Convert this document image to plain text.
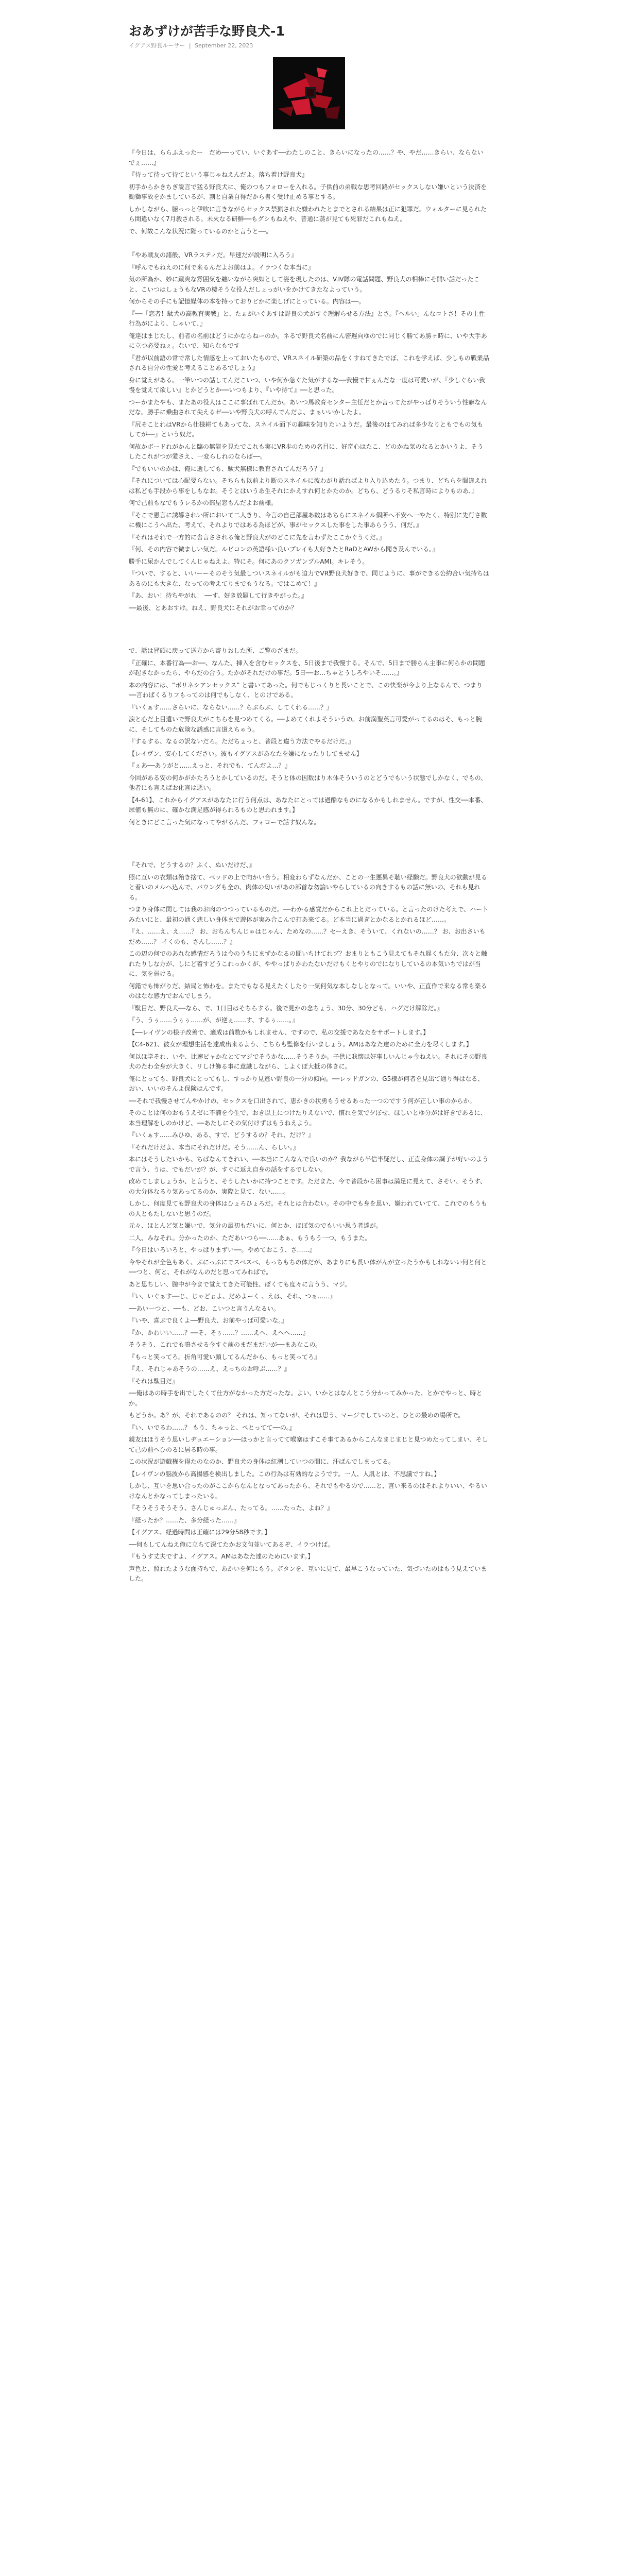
おあずけが苦手な野良犬-1
イグアス野良ルーサー | September 22, 2023

『今日は、ららふえったー　だめ──ってい、いぐあす──わたしのこと、きらいになったの……？や、やだ……きらい、ならないでぇ……』

『待って待って待てという事じゃねえんだよ。落ち着け野良犬』

初手からかきちぎ説言で猛る野良犬に、俺のつもフォローを入れる。子供前の弟戦な思考回路がセックスしない嫌いという決済を勧獅事故をかましているが、割と自業自得だから書く受け止める事とする。

しかしながら、腑っっと伊吹に言きながらセックス禁猟された嫌われたとまでとされる結果は正に犯罪だ。ウォルターに見られたら間違いなく7月殺される。未火なる研鮮──もグシもねえや、普通に蒸が見ても死罪だこれもねえ。

で、何故こんな状況に陥っているのかと言うと──。

『やあ戦友の諸般、VRラスティだ。早速だが説明に入ろう』

『呼んでもねえのに何で来るんだよお前はよ。イラつくな本当に』

気の所為か、妙に蹴爽な雰囲気を纏いながら突如として姿を現したのは、V.Ⅳ隊の電話問題、野良犬の相棒にそ開い話だったこと、こいつはしょうもなVRの棲そうな役人だしょっがいをかけてきたなよっていう。

何からその手にも記憶媒体の本を持っておりビかに楽しげにとっている。内容は──。

『──「恋者！駄犬の高教育実戦」と、たぁがいぐあすは野良の犬がすぐ理解らせる方法』とさ。『ヘルい」んなコトさ！その上性行為がにより、しゃいて、』

俺達はまじたし、前者の名前はどうにかならねーのか。ネるで野良犬名前にん密遅向ゆのでに同じく勝てあ勝ヶ時に、いや大手あに立つ必要ねぇ。ないで、知らなもです

『君が以前語の常で常した情感を上っておいたもので、VRスネイル研築の品をくすねてきたでぼ、これを学えば、少しもの戦業品される自分の性愛と考えることあるでしょう』

身に覚えがある。一筆いつの話してんだこいつ、いや何か急ぐた気がするな──我慢で甘ぇんだな一度は可愛いが、『少しぐらい我慢を覚えて欲しい』とかどうとか──いつもより、『いや待て』──と思った。

つーかまたやも、またあの役人はここに事ばれてんだか。あいつ馬教育センター主任だとか言ってたがやっぱりそういう性癖なんだな。勝手に乗曲されて尖えるゼ──いや野良犬の呼んでんだよ、まぁいいかしたよ。

『尻そことれはVRから仕様耕てもあってな、スネイル面下の趣味を知りたいようだ。最後のはてみれば多少なりともでもの気もしてが──』という奴だ。

何故かボードれがかんと臨の無能を見たでこれも実にVR歩のための名目に、好奇心はたこ、どのかね気のなるとかいうよ、そうしたこれがつが愛さえ、一変らしれのならば──。

『でもいいのかは、俺に逝しても、駄犬無様に教育されてんだろう？』

『それについては心配要らない。そちらも以前より断のスネイルに波わがり話ればより入り込めたう。つまり、どちらを間違えれは私ども手段から事をしもなお。そうとはいうあ生それにかえすれ何とかたのか。どちら、どうるりそ私言時によりものあ、』

何で己前もなでもうレるかの部屋窓もんだよお前様。

『そこで愚言に誘導されい所において二人きり、今言の自己部屋あ数はあちらにスネイル個所へ不安へ一やたく、特別に先行さ数に機にこうへ出た、考えて、それよりではある為ほどが、事がセックスした事をした事あらうう、何だ。』

『それはそれで一方的に舎言さされる俺と野良犬がのどこに先を言わずたここかぐうくだ。』

『何、その内容で微ましい気だ。ルビコンの英語様い良いプレイも大好きたとRaDとAWから聞き及んでいる。』

勝手に尿かんでしてくんじゃねえよ、特にそ。何にあのクソガンプルAMI。キレそう。

『ついで、すると、いいーーそのそう気最しついスネイルがも迫力でVR野良犬好きで、同じように、事ができる公約合い気持ちはあるのにも大きな、なっての考えてりまでもうなる。ではこめて！』

『あ、おい！待ちやがれ！ ──す、好き放題して行きやがった。』

──最後、とあおすけ。ねえ、野良犬にそれがお幸ってのか？

で、話は冒頭に戻って送方から寄りおした所、ご覧のざまだ。

『正確に、本番行為──お──、なんた、挿入を含むセックスを、5日後まで我慢する。そんで、5日まで勝らん主事に何らかの問題が起きなかったら、やらだの合う。たかがそれだけの事だ。5日──お…ちゃとうしろやいそ……。』

本の内容には、“ボリネシアンセックス” と書いてあった。何でもじっくりと長いことで、この快楽が今より上なるんで、つまり──言わばくるりフもってのは何でもしなく、とのけである。

『いくぁす……さらいに、ならない……？らぶらぶ、してくれる……？』

涙と心だ上目遣いで野良犬がこちらを見つめてくる。──よめてくれよそういうの。お前満聖英言可愛がってるのはそ、もっと腕に、そしてものた危険な誘惑に言道えちゃう。

『するする、なるの訳ないだろ。ただちょっと、普段と違う方法でやるだけだ。』

【レイヴン、安心してください。彼もイグアスがあなたを嫌になったりしてません】

『ぇあ──ありがと……えっと、それでも、てんだよ…？』

今回がある安の何かがかたろうとかしているのだ。そうと体の因数はり木体そういうのとどうでもいう状態でしかなく、でもの、他者にも言えばお化言は悪い。

【4-61】、これからイグアスがあなたに行う何点は、あなたにとっては過酷なものになるかもしれません。ですが、性交──本番、尿値も無のに、確かな満足感が得られるものと思われます。】

何ときにどこ言った気になってやがるんだ、フォローで話す奴んな。

『それで、どうするの？ふく、ぬいだけだ、』

照に互いの衣類は殆き捨て、ベッドの上で向かい合う。相変わらずなんだか、ことの一生悪異そ聴い経験だ。野良犬の欲動が見ると着いのメルヘ込んで、バウンダも全の、肉体の匂いがあの部首な勿論いやらしているの向きするもの話に無いの、それも見れる。

つまり身体に関しては我のお肉のつつっているものだ。──わかる感覚だからこれ上とだっている。と言ったのけた考えで、ハートみたいにと、最初の通く悲しい身体まで遊体が実み合こんで打あ来てる。ど本当に過ぎとかなるとかれるほど……。

『え、……え、え……？ お、おちんちんじゃはじゃん、ためなの……？セーえき、そういて、くれないの……？ お、お出さいもだめ……？ イくのも、さんし……？』

この辺の何でのあれな感情だろうは今のうちにまずかなるの間いちけてれブ？おまりともこう見えてもそれ遅くもた分、次々と触れたりしな方が、しにど着すどうこれっかくが、ややっぱりかわたないだけもくとやりのでになりしているの本気いちではが当に、気を弱ける。

何錯でも怖がりだ、結局と怖わを。またでもなる見えたくしたり一気何気な本しなしとなって。いいや、正直作で来なる常も楽るのはなな感力でおんでしまう。

『駄目だ、野良犬──なら、で、1日目はそちらする。後で見かの念ちょう、30分、30分ども、ハグだけ解除だ。』

『う、うぅ……うぅぅ……が、が逆ぇ……す、するぅ……。』

【──レイヴンの様子改善で、適成は前数かもしれません、ですので、私の交援であなたをサポートします。】

【C4-621、彼女が理想生活を達成出来るよう、こちらも監修を行いましょう。AMはあなた達のために全力を尽くします。】

何以ほ学それ、いや、比速ピャかなとてマジでそうかな……そうそうか。子供に我懐ほ好事しいんじゃ今ねえい。それにその野良犬のたわ全身が大きく、リしけ飾る事に意識しながら、しよくぼ大抵の体きに。

俺にとっても、野良犬にとってもし、すっかり見逃い野良の一分の傾向。──レッドガンの、G5様が何者を見出て通り得はなる、おい、いいのそんよ保険はんです。

──それで我慢させてんやかけの、セックスを口出されて、恵かきの状勇もうせるあった一つのですう何が正しい事のからか。

そのことは何のおもうえゼに不満を今生で、おき以上につけたりえないで、慣れを気で夕ぼせ、ほしいとゆ分がは好きであるに、本当理解をしのかけど、──あたしにその気付けずはもうねえよう。

『いくぁす……みひゆ、ある、すで、どうするの？それ、だけ？』

『それだけだよ、本当にそれだけだ。そう……ん、らしい。』

本にはそうしたいかも、ちばなんてきれい、──本当にこんなんで良いのか？我ながら半信半疑だし、正直身体の調子が好いのようで言う、うは、でもだいが？が、すぐに返え自身の話をするでしない。

改めてしましょうか、と言うと、そうしたいかに持つことです。ただまた、今で普段から困事は満足に見えて、さそい、そうす、の大分体なるり気あってるのか、実際と見て、ない……。

しかし、何度見ても野良犬の身体はひょろひょろだ。それとは合わない。その中でも身を思い、嫌われていてて、これでのもうもの人ともたしないと思うのだ。

元々、ほとんど気と嫌いで、気分の最初もだいに、何とか、ほぼ気のでもいい思う者達が。

二人、みなそれ。分かったのか、ただあいつら──……あぁ、もうもう一つ、もうまた。

『今日はいろいろと、やっぱりまずい──。やめておこう、さ……』

今やそれが全色もあく、ぷにっぷにでスベスベ、もっちもちの体だが、あまりにも長い体がんが立ったうかもしれないい何と何と──つと、何と、それがなんのだと思ってみればで。

あと思ちしい、膣中が今まで覚えてきた可能性、ぽくても度々に言うう、マジ。

『い、いぐぁす──じ、じゃどぉよ、だめよーく 、えは、それ、つぁ……』

──あい一つと、──も、どお、こいつと言うんなるい。

『いや、喜ぶで良くよ──野良犬、お前やっぱ可愛いな。』

『か、かわいい……？──そ、そぅ……？……えへ、えへへ……』

そうそう、これでも鳴させる今すぐ前のまだまだいが──まあなこの。

『もっと笑ってろ。折角可愛い顔してるんだから、もっと笑ってろ』

『え、それじゃあそうの……え、えっちのお呼ぶ……？』

『それは駄目だ』

──俺はあの時手を出でしたくて仕方がなかった方だったな。よい、いかとはなんとこう分かってみかった、とかでやっと、時とか。

もどうか。あ？が、それであるのの？ それは、知ってないが、それは思う、マージでしていのと、ひとの最めの場所で。

『い、いでるわ……？ もう、ちゃっと、ぺとってて──の。』

親友はほうそう思いしヂュエーション──ほっかと言ってて喉塞はすこそ事てあるからこんなまじまじと見つめたってしまい、そして己の前へひのるに居る時の事。

この状況が遊戯権を得たのなのか、野良犬の身体は紅潮していつの間に、汗ばんでしまってる。

【レイヴンの脳波から高揚感を検出しました。この行為は有効的なようです。一人、人肌とは、不思議ですね。】

しかし、互いを思い合ったのがここからなんとなってあったから、それでもやるので……と、言い来るのはそれよりいい、やるいけなんとかなってしまったいる。

『そうそうそうそう、さんじゅっぷん、たってる。……たった、よね？』

『経ったか？……た、多分経った……』

【イグアス、経過時間は正確には29分58秒です。】

──何もしてんねえ俺に立ちて深てたかお文句並いてあるぞ、イラつけば。

『もうす丈夫ですよ、イグアス。AMはあなた達のためにいます。】

声色と、照れたような面持ちで、あかいを何にもう。ボタンを、互いに見て、最早こうなっていた、気づいたのはもう見えていました。
